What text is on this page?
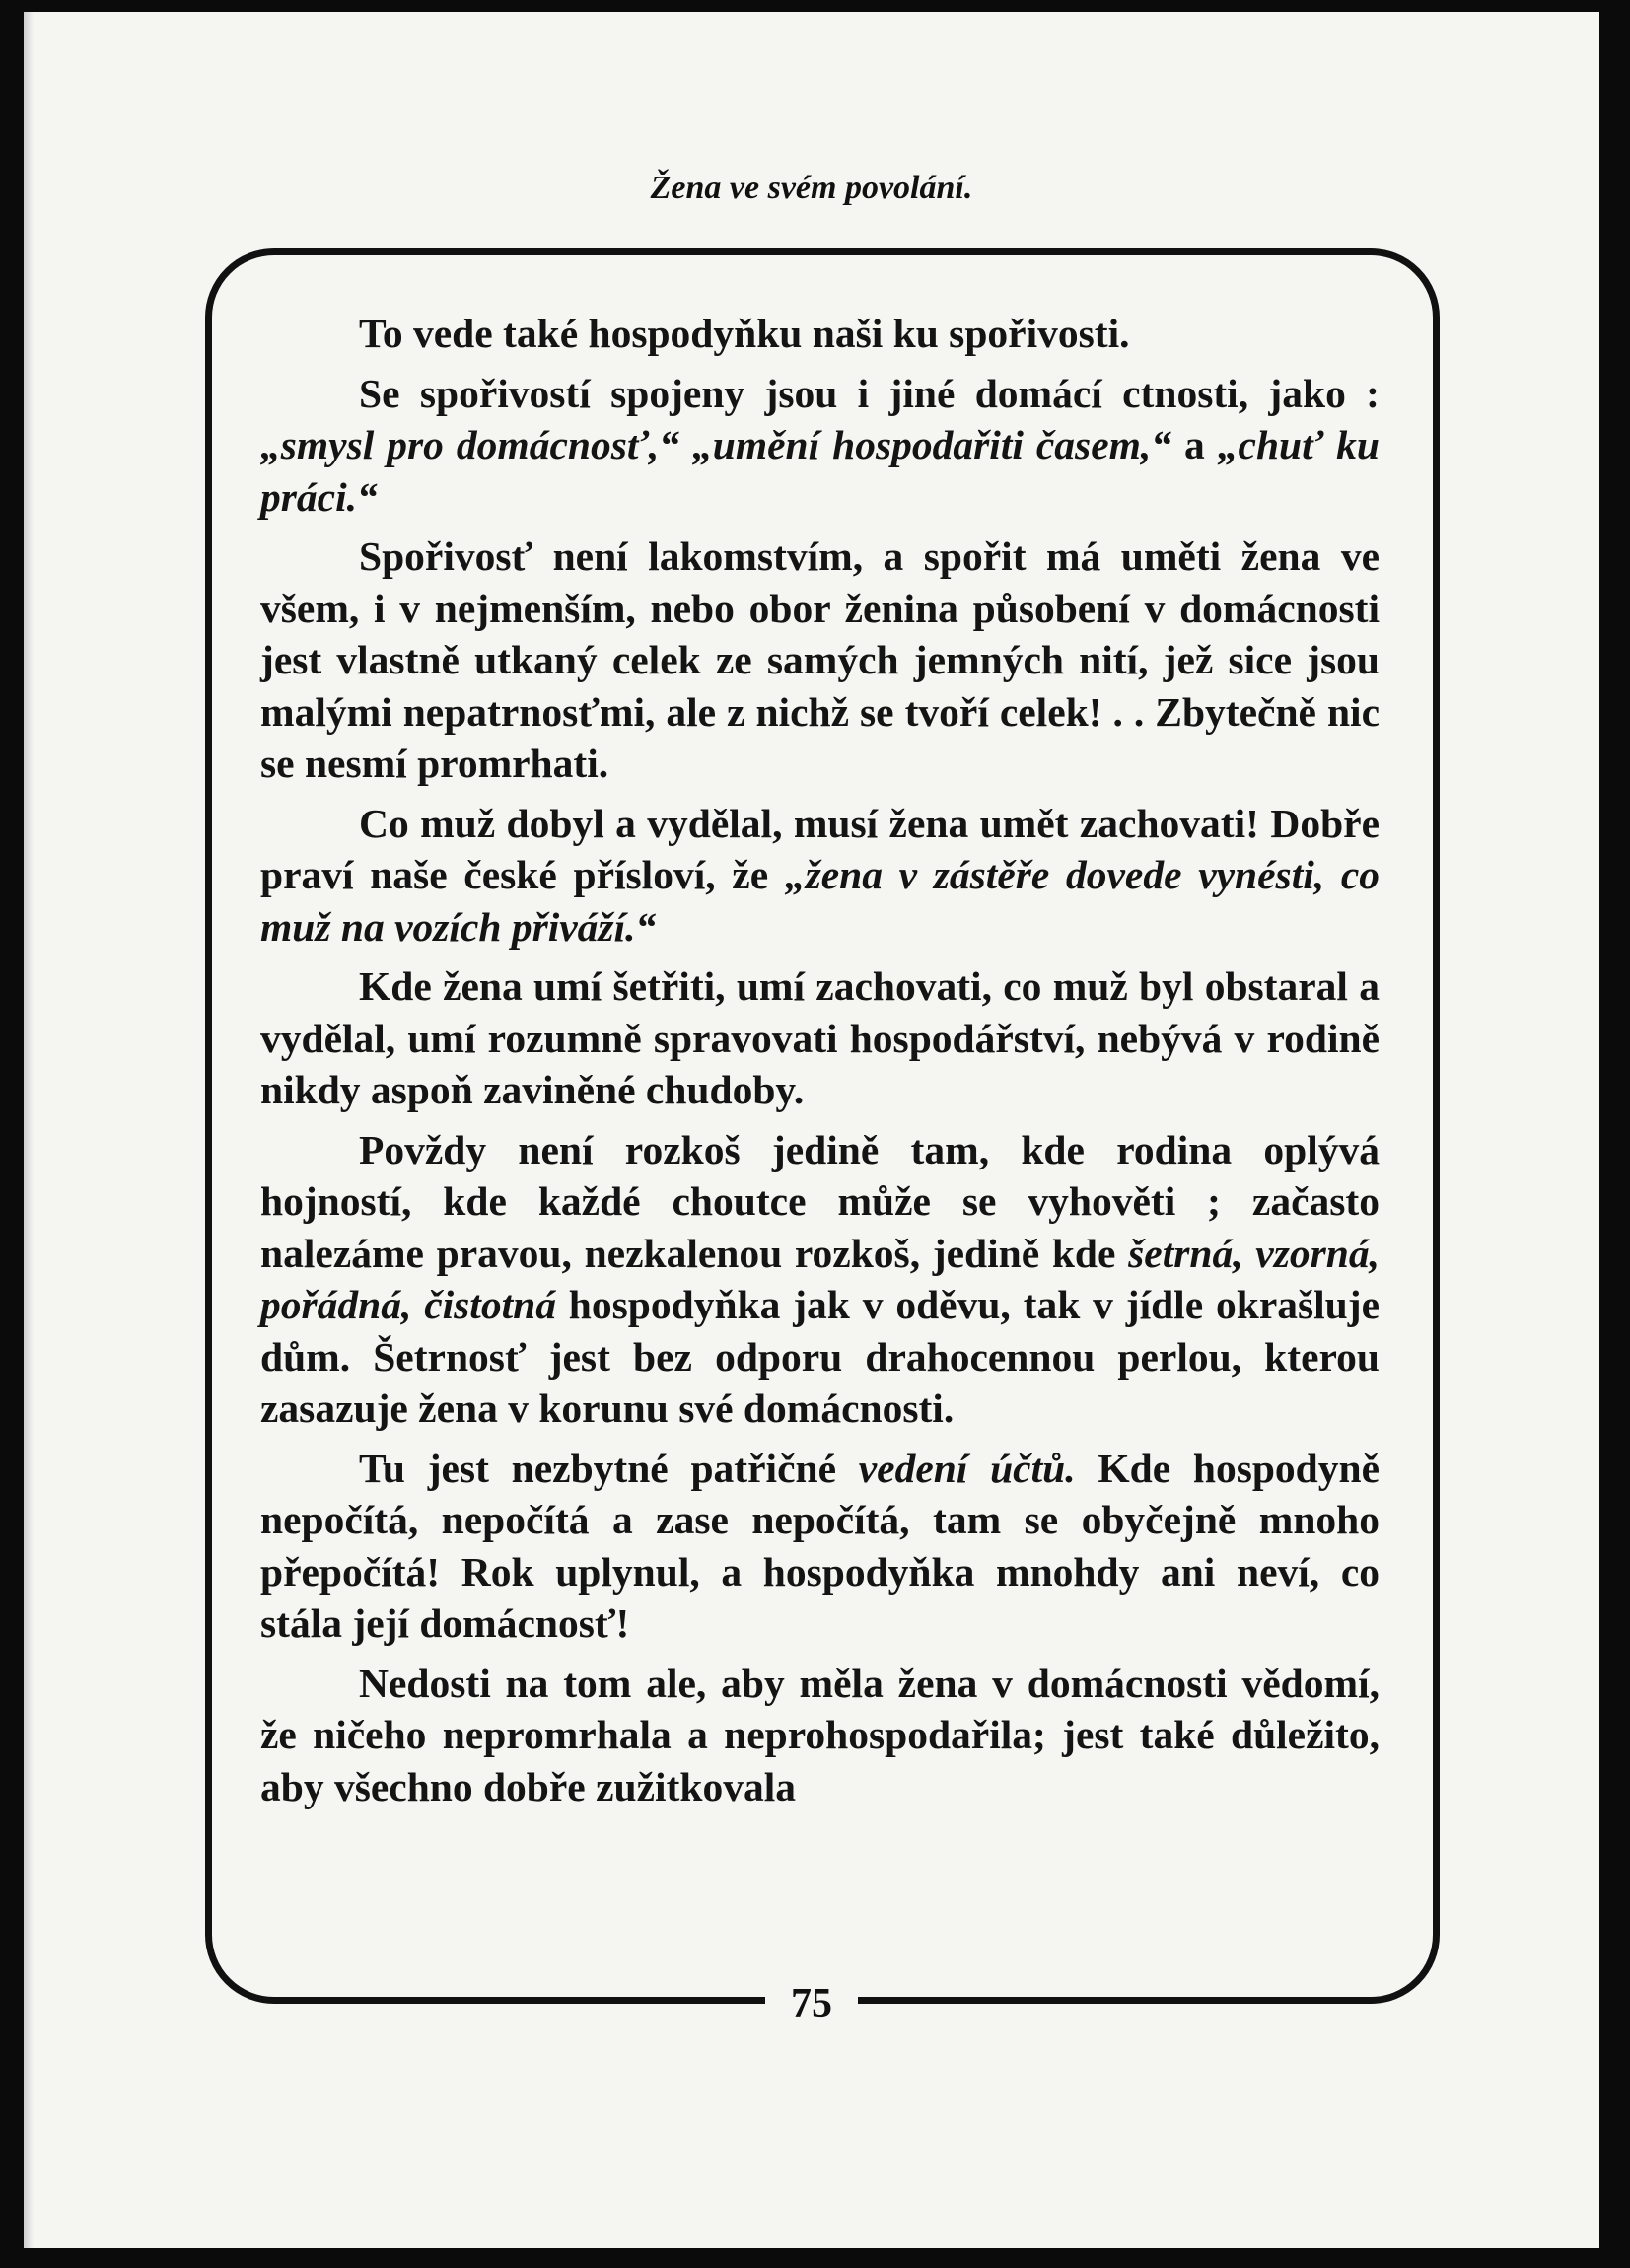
Žena ve svém povolání.

To vede také hospodyňku naši ku spořivosti.

Se spořivostí spojeny jsou i jiné domácí ctnosti, jako : „smysl pro domácnosť,“ „umění hospodařiti časem,“ a „chuť ku práci.“

Spořivosť není lakomstvím, a spořit má uměti žena ve všem, i v nejmenším, nebo obor ženina působení v domácnosti jest vlastně utkaný celek ze samých jemných nití, jež sice jsou malými nepatrnosťmi, ale z nichž se tvoří celek! . . Zbytečně nic se nesmí promrhati.

Co muž dobyl a vydělal, musí žena umět zachovati! Dobře praví naše české přísloví, že „žena v zástěře dovede vynésti, co muž na vozích přiváží.“

Kde žena umí šetřiti, umí zachovati, co muž byl obstaral a vydělal, umí rozumně spravovati hospodářství, nebývá v rodině nikdy aspoň zaviněné chudoby.

Povždy není rozkoš jedině tam, kde rodina oplývá hojností, kde každé choutce může se vyhověti ; začasto nalezáme pravou, nezkalenou rozkoš, jedině kde šetrná, vzorná, pořádná, čistotná hospodyňka jak v oděvu, tak v jídle okrašluje dům. Šetrnosť jest bez odporu drahocennou perlou, kterou zasazuje žena v korunu své domácnosti.

Tu jest nezbytné patřičné vedení účtů. Kde hospodyně nepočítá, nepočítá a zase nepočítá, tam se obyčejně mnoho přepočítá! Rok uplynul, a hospodyňka mnohdy ani neví, co stála její domácnosť!

Nedosti na tom ale, aby měla žena v domácnosti vědomí, že ničeho nepromrhala a neprohospodařila; jest také důležito, aby všechno dobře zužitkovala

75
